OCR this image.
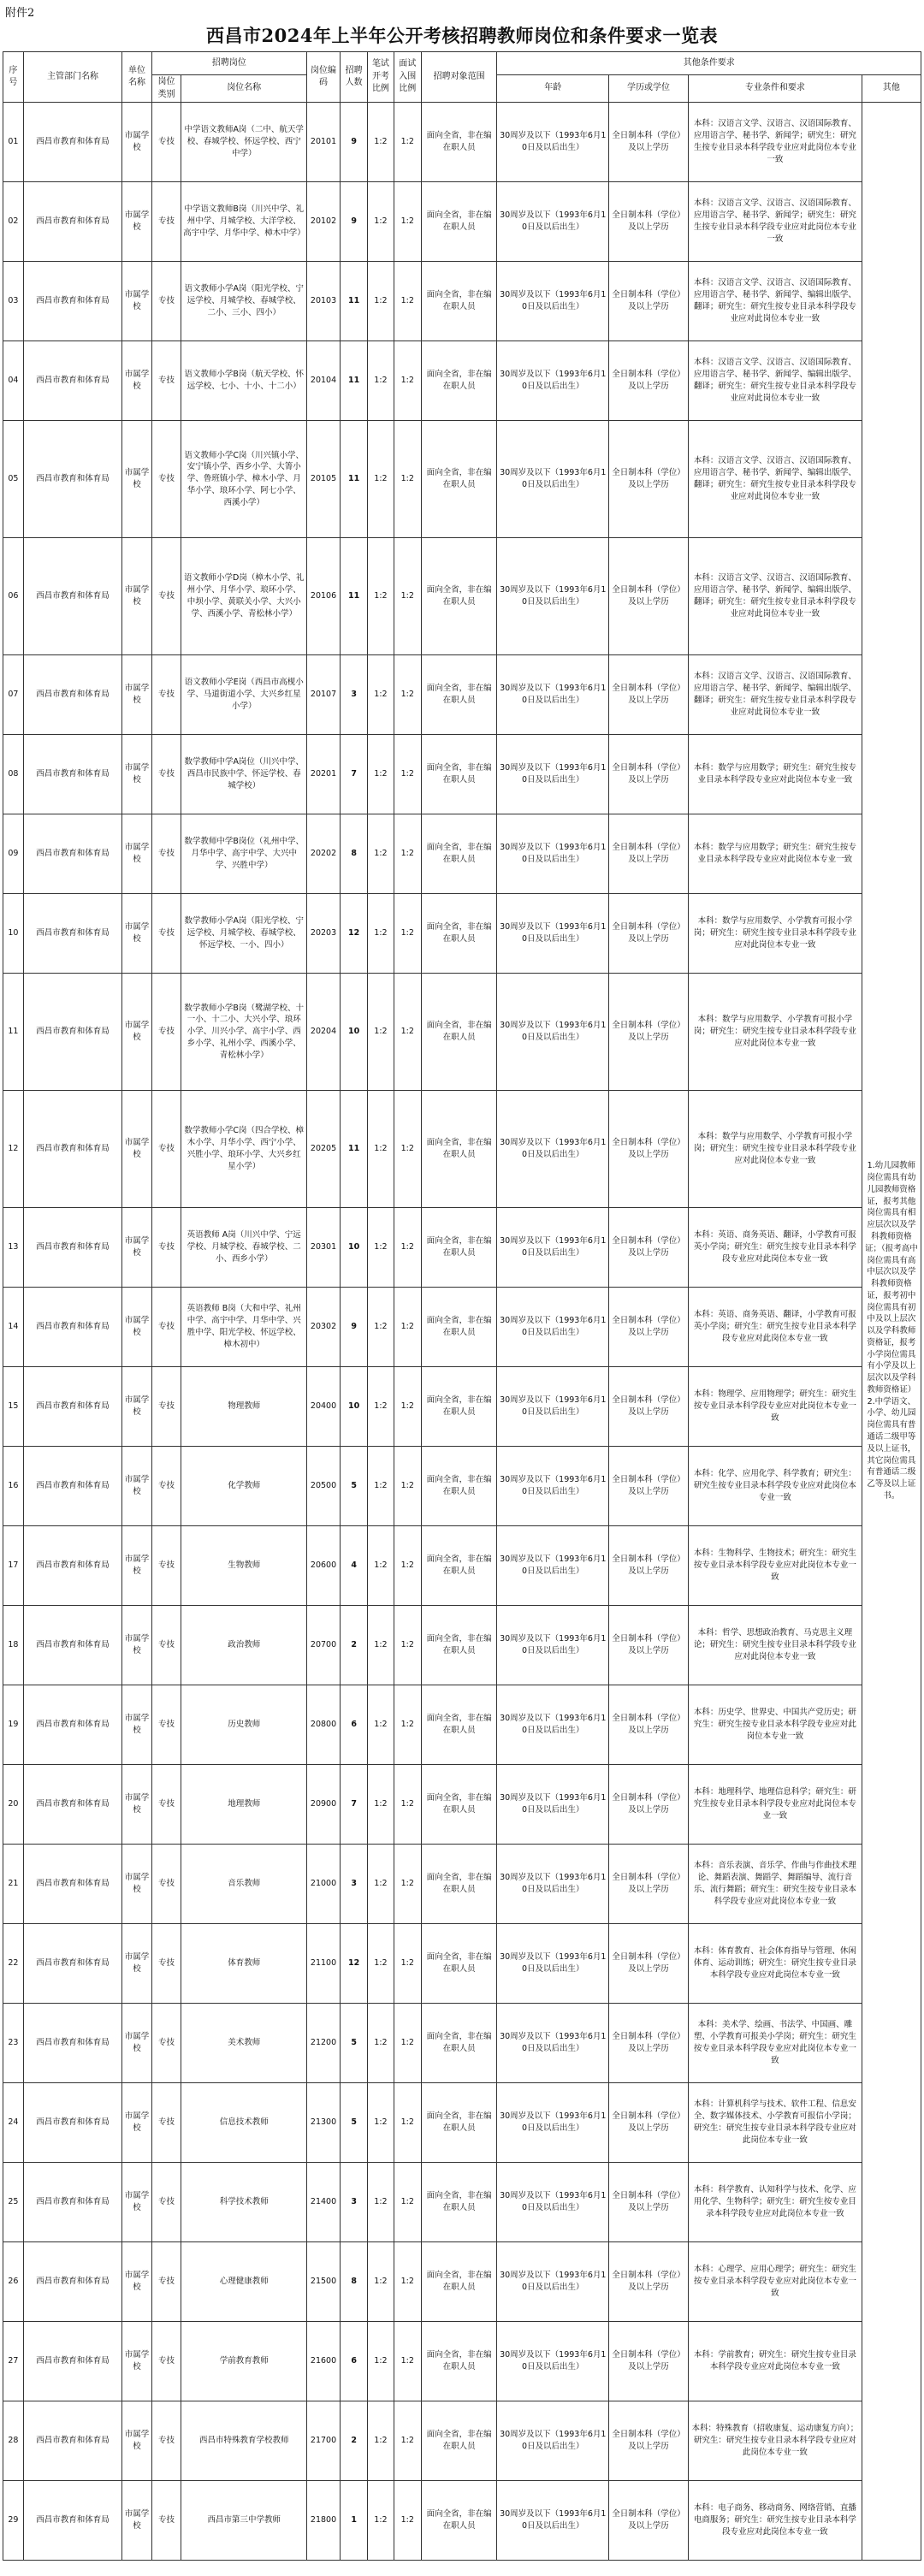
附件2
西昌市2024年上半年公开考核招聘教师岗位和条件要求一览表
序号	主管部门名称	单位名称	招聘岗位		岗位编码	招聘人数	笔试开考比例	面试入围比例	招聘对象范围	其他条件要求			
			岗位类别	岗位名称						年龄	学历或学位	专业条件和要求	其他
01	西昌市教育和体育局	市属学校	专技	中学语文教师A岗（二中、航天学校、春城学校、怀远学校、西宁中学）	20101	9	1:2	1:2	面向全省，非在编在职人员	30周岁及以下（1993年6月10日及以后出生）	全日制本科（学位）及以上学历	本科：汉语言文学、汉语言、汉语国际教育、应用语言学、秘书学、新闻学；研究生：研究生按专业目录本科学段专业应对此岗位本专业一致	1.幼儿园教师岗位需具有幼儿园教师资格证，报考其他岗位需具有相应层次以及学科教师资格证；（报考高中岗位需具有高中层次以及学科教师资格证，报考初中岗位需具有初中及以上层次以及学科教师资格证，报考小学岗位需具有小学及以上层次以及学科教师资格证）2.中学语文、小学、幼儿园岗位需具有普通话二级甲等及以上证书，其它岗位需具有普通话二级乙等及以上证书。
02	西昌市教育和体育局	市属学校	专技	中学语文教师B岗（川兴中学、礼州中学、月城学校、大洋学校、高宇中学、月华中学、樟木中学）	20102	9	1:2	1:2	面向全省，非在编在职人员	30周岁及以下（1993年6月10日及以后出生）	全日制本科（学位）及以上学历	本科：汉语言文学、汉语言、汉语国际教育、应用语言学、秘书学、新闻学；研究生：研究生按专业目录本科学段专业应对此岗位本专业一致	
03	西昌市教育和体育局	市属学校	专技	语文教师小学A岗（阳光学校、宁远学校、月城学校、春城学校、二小、三小、四小）	20103	11	1:2	1:2	面向全省，非在编在职人员	30周岁及以下（1993年6月10日及以后出生）	全日制本科（学位）及以上学历	本科：汉语言文学、汉语言、汉语国际教育、应用语言学、秘书学、新闻学、编辑出版学、翻译；研究生：研究生按专业目录本科学段专业应对此岗位本专业一致	
04	西昌市教育和体育局	市属学校	专技	语文教师小学B岗（航天学校、怀远学校、七小、十小、十二小）	20104	11	1:2	1:2	面向全省，非在编在职人员	30周岁及以下（1993年6月10日及以后出生）	全日制本科（学位）及以上学历	本科：汉语言文学、汉语言、汉语国际教育、应用语言学、秘书学、新闻学、编辑出版学、翻译；研究生：研究生按专业目录本科学段专业应对此岗位本专业一致	
05	西昌市教育和体育局	市属学校	专技	语文教师小学C岗（川兴镇小学、安宁镇小学、西乡小学、大箐小学、鲁班镇小学、樟木小学、月华小学、琅环小学、阿七小学、西溪小学）	20105	11	1:2	1:2	面向全省，非在编在职人员	30周岁及以下（1993年6月10日及以后出生）	全日制本科（学位）及以上学历	本科：汉语言文学、汉语言、汉语国际教育、应用语言学、秘书学、新闻学、编辑出版学、翻译；研究生：研究生按专业目录本科学段专业应对此岗位本专业一致	
06	西昌市教育和体育局	市属学校	专技	语文教师小学D岗（樟木小学、礼州小学、月华小学、琅环小学、中坝小学、黄联关小学、大兴小学、西溪小学、青松林小学）	20106	11	1:2	1:2	面向全省，非在编在职人员	30周岁及以下（1993年6月10日及以后出生）	全日制本科（学位）及以上学历	本科：汉语言文学、汉语言、汉语国际教育、应用语言学、秘书学、新闻学、编辑出版学、翻译；研究生：研究生按专业目录本科学段专业应对此岗位本专业一致	
07	西昌市教育和体育局	市属学校	专技	语文教师小学E岗（西昌市高枧小学、马道街道小学、大兴乡红星小学）	20107	3	1:2	1:2	面向全省，非在编在职人员	30周岁及以下（1993年6月10日及以后出生）	全日制本科（学位）及以上学历	本科：汉语言文学、汉语言、汉语国际教育、应用语言学、秘书学、新闻学、编辑出版学、翻译；研究生：研究生按专业目录本科学段专业应对此岗位本专业一致	
08	西昌市教育和体育局	市属学校	专技	数学教师中学A岗位（川兴中学、西昌市民族中学、怀远学校、春城学校）	20201	7	1:2	1:2	面向全省，非在编在职人员	30周岁及以下（1993年6月10日及以后出生）	全日制本科（学位）及以上学历	本科：数学与应用数学；研究生：研究生按专业目录本科学段专业应对此岗位本专业一致	
09	西昌市教育和体育局	市属学校	专技	数学教师中学B岗位（礼州中学、月华中学、高宇中学、大兴中学、兴胜中学）	20202	8	1:2	1:2	面向全省，非在编在职人员	30周岁及以下（1993年6月10日及以后出生）	全日制本科（学位）及以上学历	本科：数学与应用数学；研究生：研究生按专业目录本科学段专业应对此岗位本专业一致	
10	西昌市教育和体育局	市属学校	专技	数学教师小学A岗（阳光学校、宁远学校、月城学校、春城学校、怀远学校、一小、四小）	20203	12	1:2	1:2	面向全省，非在编在职人员	30周岁及以下（1993年6月10日及以后出生）	全日制本科（学位）及以上学历	本科：数学与应用数学、小学教育可报小学岗；研究生：研究生按专业目录本科学段专业应对此岗位本专业一致	
11	西昌市教育和体育局	市属学校	专技	数学教师小学B岗（鹭湖学校、十一小、十二小、大兴小学、琅环小学、川兴小学、高宇小学、西乡小学、礼州小学、西溪小学、青松林小学）	20204	10	1:2	1:2	面向全省，非在编在职人员	30周岁及以下（1993年6月10日及以后出生）	全日制本科（学位）及以上学历	本科：数学与应用数学、小学教育可报小学岗；研究生：研究生按专业目录本科学段专业应对此岗位本专业一致	
12	西昌市教育和体育局	市属学校	专技	数学教师小学C岗（四合学校、樟木小学、月华小学、西宁小学、兴胜小学、琅环小学、大兴乡红星小学）	20205	11	1:2	1:2	面向全省，非在编在职人员	30周岁及以下（1993年6月10日及以后出生）	全日制本科（学位）及以上学历	本科：数学与应用数学、小学教育可报小学岗；研究生：研究生按专业目录本科学段专业应对此岗位本专业一致	
13	西昌市教育和体育局	市属学校	专技	英语教师 A岗（川兴中学、宁远学校、月城学校、春城学校、二小、西乡小学）	20301	10	1:2	1:2	面向全省，非在编在职人员	30周岁及以下（1993年6月10日及以后出生）	全日制本科（学位）及以上学历	本科：英语、商务英语、翻译，小学教育可报英小学岗；研究生：研究生按专业目录本科学段专业应对此岗位本专业一致	
14	西昌市教育和体育局	市属学校	专技	英语教师 B岗（大和中学、礼州中学、高宇中学、月华中学、兴胜中学、阳光学校、怀远学校、樟木初中）	20302	9	1:2	1:2	面向全省，非在编在职人员	30周岁及以下（1993年6月10日及以后出生）	全日制本科（学位）及以上学历	本科：英语、商务英语、翻译，小学教育可报英小学岗；研究生：研究生按专业目录本科学段专业应对此岗位本专业一致	
15	西昌市教育和体育局	市属学校	专技	物理教师	20400	10	1:2	1:2	面向全省，非在编在职人员	30周岁及以下（1993年6月10日及以后出生）	全日制本科（学位）及以上学历	本科：物理学、应用物理学；研究生：研究生按专业目录本科学段专业应对此岗位本专业一致	
16	西昌市教育和体育局	市属学校	专技	化学教师	20500	5	1:2	1:2	面向全省，非在编在职人员	30周岁及以下（1993年6月10日及以后出生）	全日制本科（学位）及以上学历	本科：化学、应用化学、科学教育；研究生：研究生按专业目录本科学段专业应对此岗位本专业一致	
17	西昌市教育和体育局	市属学校	专技	生物教师	20600	4	1:2	1:2	面向全省，非在编在职人员	30周岁及以下（1993年6月10日及以后出生）	全日制本科（学位）及以上学历	本科：生物科学、生物技术；研究生：研究生按专业目录本科学段专业应对此岗位本专业一致	
18	西昌市教育和体育局	市属学校	专技	政治教师	20700	2	1:2	1:2	面向全省，非在编在职人员	30周岁及以下（1993年6月10日及以后出生）	全日制本科（学位）及以上学历	本科：哲学、思想政治教育、马克思主义理论；研究生：研究生按专业目录本科学段专业应对此岗位本专业一致	
19	西昌市教育和体育局	市属学校	专技	历史教师	20800	6	1:2	1:2	面向全省，非在编在职人员	30周岁及以下（1993年6月10日及以后出生）	全日制本科（学位）及以上学历	本科：历史学、世界史、中国共产党历史；研究生：研究生按专业目录本科学段专业应对此岗位本专业一致	
20	西昌市教育和体育局	市属学校	专技	地理教师	20900	7	1:2	1:2	面向全省，非在编在职人员	30周岁及以下（1993年6月10日及以后出生）	全日制本科（学位）及以上学历	本科：地理科学、地理信息科学；研究生：研究生按专业目录本科学段专业应对此岗位本专业一致	
21	西昌市教育和体育局	市属学校	专技	音乐教师	21000	3	1:2	1:2	面向全省，非在编在职人员	30周岁及以下（1993年6月10日及以后出生）	全日制本科（学位）及以上学历	本科：音乐表演、音乐学、作曲与作曲技术理论、舞蹈表演、舞蹈学、舞蹈编导、流行音乐、流行舞蹈；研究生：研究生按专业目录本科学段专业应对此岗位本专业一致	
22	西昌市教育和体育局	市属学校	专技	体育教师	21100	12	1:2	1:2	面向全省，非在编在职人员	30周岁及以下（1993年6月10日及以后出生）	全日制本科（学位）及以上学历	本科：体育教育、社会体育指导与管理、休闲体育、运动训练；研究生：研究生按专业目录本科学段专业应对此岗位本专业一致	
23	西昌市教育和体育局	市属学校	专技	美术教师	21200	5	1:2	1:2	面向全省，非在编在职人员	30周岁及以下（1993年6月10日及以后出生）	全日制本科（学位）及以上学历	本科：美术学、绘画、书法学、中国画、雕塑、小学教育可报美小学岗；研究生：研究生按专业目录本科学段专业应对此岗位本专业一致	
24	西昌市教育和体育局	市属学校	专技	信息技术教师	21300	5	1:2	1:2	面向全省，非在编在职人员	30周岁及以下（1993年6月10日及以后出生）	全日制本科（学位）及以上学历	本科：计算机科学与技术、软件工程、信息安全、数字媒体技术、小学教育可报信小学岗；研究生：研究生按专业目录本科学段专业应对此岗位本专业一致	
25	西昌市教育和体育局	市属学校	专技	科学技术教师	21400	3	1:2	1:2	面向全省，非在编在职人员	30周岁及以下（1993年6月10日及以后出生）	全日制本科（学位）及以上学历	本科：科学教育、认知科学与技术、化学、应用化学、生物科学；研究生：研究生按专业目录本科学段专业应对此岗位本专业一致	
26	西昌市教育和体育局	市属学校	专技	心理健康教师	21500	8	1:2	1:2	面向全省，非在编在职人员	30周岁及以下（1993年6月10日及以后出生）	全日制本科（学位）及以上学历	本科：心理学、应用心理学；研究生：研究生按专业目录本科学段专业应对此岗位本专业一致	
27	西昌市教育和体育局	市属学校	专技	学前教育教师	21600	6	1:2	1:2	面向全省，非在编在职人员	30周岁及以下（1993年6月10日及以后出生）	全日制本科（学位）及以上学历	本科：学前教育；研究生：研究生按专业目录本科学段专业应对此岗位本专业一致	
28	西昌市教育和体育局	市属学校	专技	西昌市特殊教育学校教师	21700	2	1:2	1:2	面向全省，非在编在职人员	30周岁及以下（1993年6月10日及以后出生）	全日制本科（学位）及以上学历	本科：特殊教育（招收康复、运动康复方向）；研究生：研究生按专业目录本科学段专业应对此岗位本专业一致	
29	西昌市教育和体育局	市属学校	专技	西昌市第三中学教师	21800	1	1:2	1:2	面向全省，非在编在职人员	30周岁及以下（1993年6月10日及以后出生）	全日制本科（学位）及以上学历	本科：电子商务、移动商务、网络营销、直播电商服务；研究生：研究生按专业目录本科学段专业应对此岗位本专业一致	
